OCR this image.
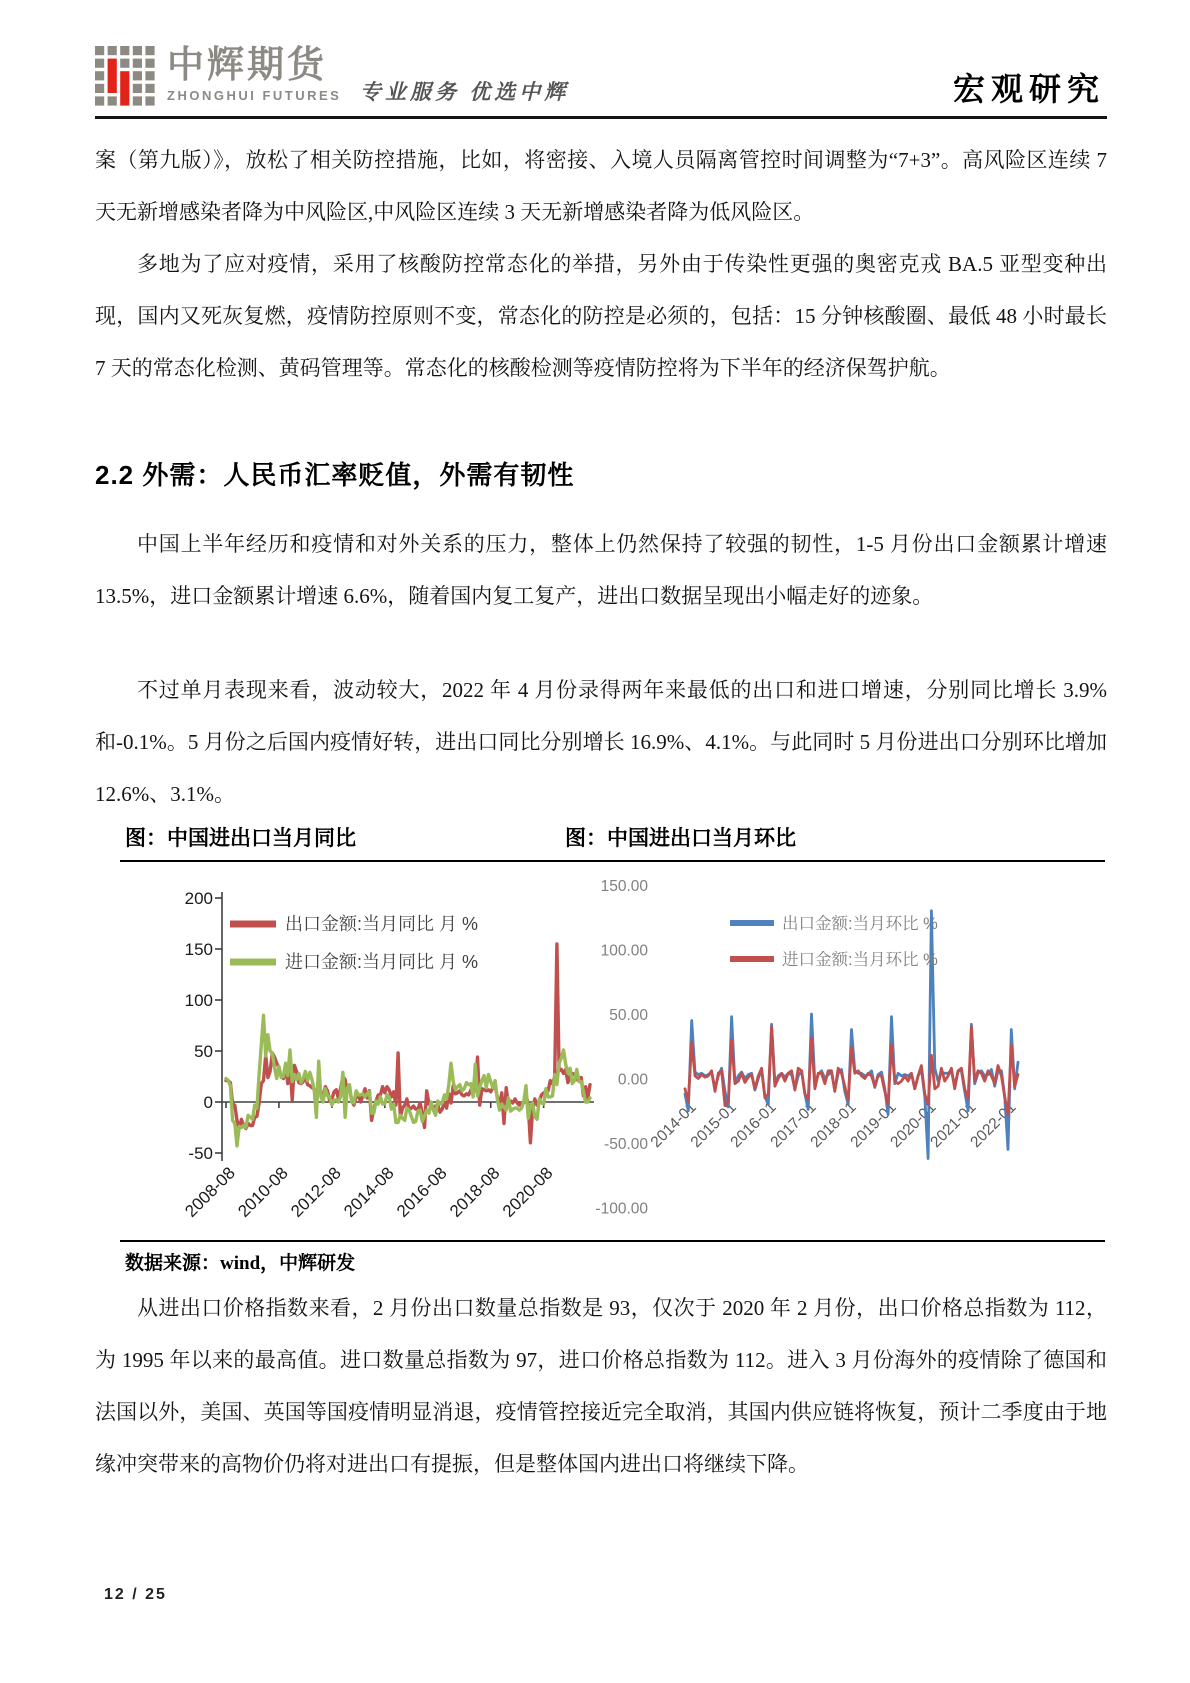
中辉期货
ZHONGHUI FUTURES 专业服务 优选中辉	宏观研究
案（第九版）》，放松了相关防控措施，比如，将密接、入境人员隔离管控时间调整为“7+3”。高风险区连续 7 天无新增感染者降为中风险区,中风险区连续 3 天无新增感染者降为低风险区。
多地为了应对疫情，采用了核酸防控常态化的举措，另外由于传染性更强的奥密克戎 BA.5 亚型变种出现，国内又死灰复燃，疫情防控原则不变，常态化的防控是必须的，包括：15 分钟核酸圈、最低 48 小时最长 7 天的常态化检测、黄码管理等。常态化的核酸检测等疫情防控将为下半年的经济保驾护航。
2.2 外需：人民币汇率贬值，外需有韧性
中国上半年经历和疫情和对外关系的压力，整体上仍然保持了较强的韧性，1-5 月份出口金额累计增速 13.5%，进口金额累计增速 6.6%，随着国内复工复产，进出口数据呈现出小幅走好的迹象。
不过单月表现来看，波动较大，2022 年 4 月份录得两年来最低的出口和进口增速，分别同比增长 3.9%和-0.1%。5 月份之后国内疫情好转，进出口同比分别增长 16.9%、4.1%。与此同时 5 月份进出口分别环比增加 12.6%、3.1%。
图：中国进出口当月同比	图：中国进出口当月环比
200
150
100
50
0
-50
2008-08
2010-08
2012-08
2014-08
2016-08
2018-08
2020-08
出口金额:当月同比 月 %
进口金额:当月同比 月 %
150.00
100.00
50.00
0.00
-50.00
-100.00
2014-01
2015-01
2016-01
2017-01
2018-01
2019-01
2020-01
2021-01
2022-01
出口金额:当月环比 %
进口金额:当月环比 %
数据来源：wind，中辉研发
从进出口价格指数来看，2 月份出口数量总指数是 93，仅次于 2020 年 2 月份，出口价格总指数为 112，为 1995 年以来的最高值。进口数量总指数为 97，进口价格总指数为 112。进入 3 月份海外的疫情除了德国和法国以外，美国、英国等国疫情明显消退，疫情管控接近完全取消，其国内供应链将恢复，预计二季度由于地缘冲突带来的高物价仍将对进出口有提振，但是整体国内进出口将继续下降。
12 / 25
